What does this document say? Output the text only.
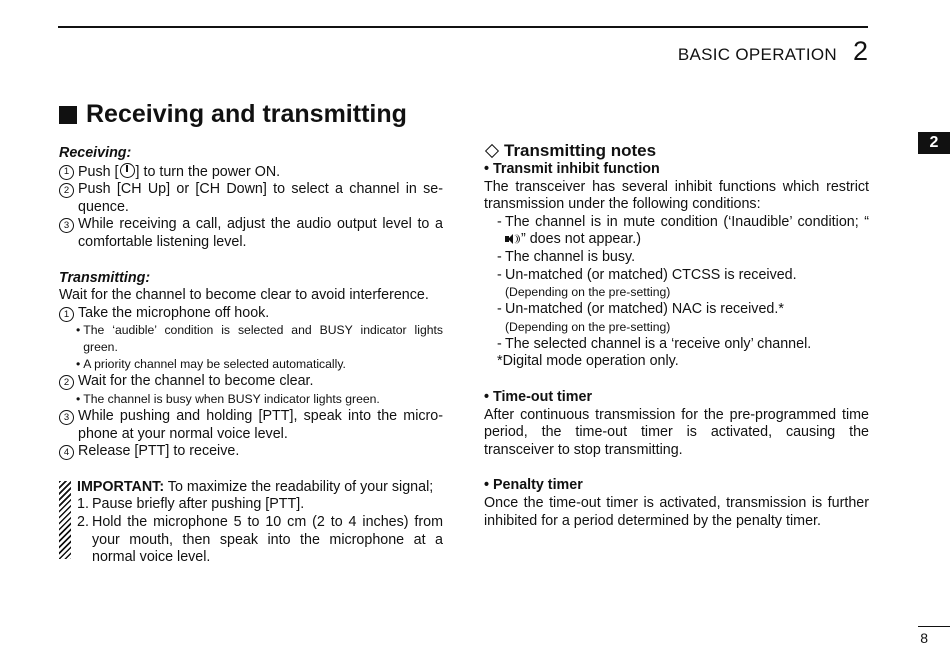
BASIC OPERATION 2
2
Receiving and transmitting
Receiving:
1 Push [ ] to turn the power ON.
2 Push [CH Up] or [CH Down] to select a channel in se- quence.
3 While receiving a call, adjust the audio output level to a comfortable listening level.
Transmitting:
Wait for the channel to become clear to avoid interference.
1 Take the microphone off hook.
• The ‘audible’ condition is selected and BUSY indicator lights green.
• A priority channel may be selected automatically.
2 Wait for the channel to become clear.
• The channel is busy when BUSY indicator lights green.
3 While pushing and holding [PTT], speak into the micro- phone at your normal voice level.
4 Release [PTT] to receive.
IMPORTANT: To maximize the readability of your signal;
1. Pause briefly after pushing [PTT].
2. Hold the microphone 5 to 10 cm (2 to 4 inches) from your mouth, then speak into the microphone at a normal voice level.
Transmitting notes
• Transmit inhibit function
The transceiver has several inhibit functions which restrict transmission under the following conditions:
- The channel is in mute condition (‘Inaudible’ condition; “
” does not appear.)
- The channel is busy.
- Un-matched (or matched) CTCSS is received.
(Depending on the pre-setting)
- Un-matched (or matched) NAC is received.*
(Depending on the pre-setting)
- The selected channel is a ‘receive only’ channel.
*Digital mode operation only.
• Time-out timer
After continuous transmission for the pre-programmed time period, the time-out timer is activated, causing the transceiver to stop transmitting.
• Penalty timer
Once the time-out timer is activated, transmission is further inhibited for a period determined by the penalty timer.
8
